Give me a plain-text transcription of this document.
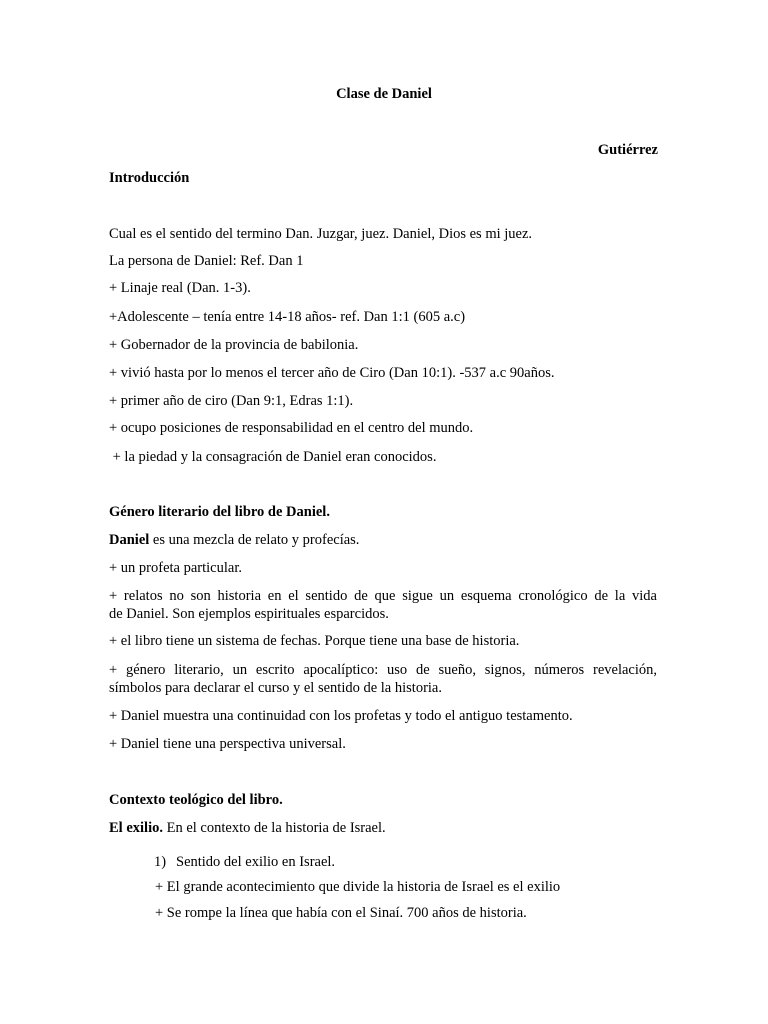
Clase de Daniel
Gutiérrez
Introducción
Cual es el sentido del termino Dan. Juzgar, juez. Daniel, Dios es mi juez.
La persona de Daniel: Ref. Dan 1
+ Linaje real (Dan. 1-3).
+Adolescente – tenía entre 14-18 años- ref. Dan 1:1 (605 a.c)
+ Gobernador de la provincia de babilonia.
+ vivió hasta por lo menos el tercer año de Ciro (Dan 10:1). -537 a.c 90años.
+ primer año de ciro (Dan 9:1, Edras 1:1).
+ ocupo posiciones de responsabilidad en el centro del mundo.
+ la piedad y la consagración de Daniel eran conocidos.
Género literario del libro de Daniel.
Daniel es una mezcla de relato y profecías.
+ un profeta particular.
+ relatos no son historia en el sentido de que sigue un esquema cronológico de la vida
de Daniel. Son ejemplos espirituales esparcidos.
+ el libro tiene un sistema de fechas. Porque tiene una base de historia.
+ género literario, un escrito apocalíptico: uso de sueño, signos, números revelación,
símbolos para declarar el curso y el sentido de la historia.
+ Daniel muestra una continuidad con los profetas y todo el antiguo testamento.
+ Daniel tiene una perspectiva universal.
Contexto teológico del libro.
El exilio. En el contexto de la historia de Israel.
1) Sentido del exilio en Israel.
+ El grande acontecimiento que divide la historia de Israel es el exilio
+ Se rompe la línea que había con el Sinaí. 700 años de historia.
